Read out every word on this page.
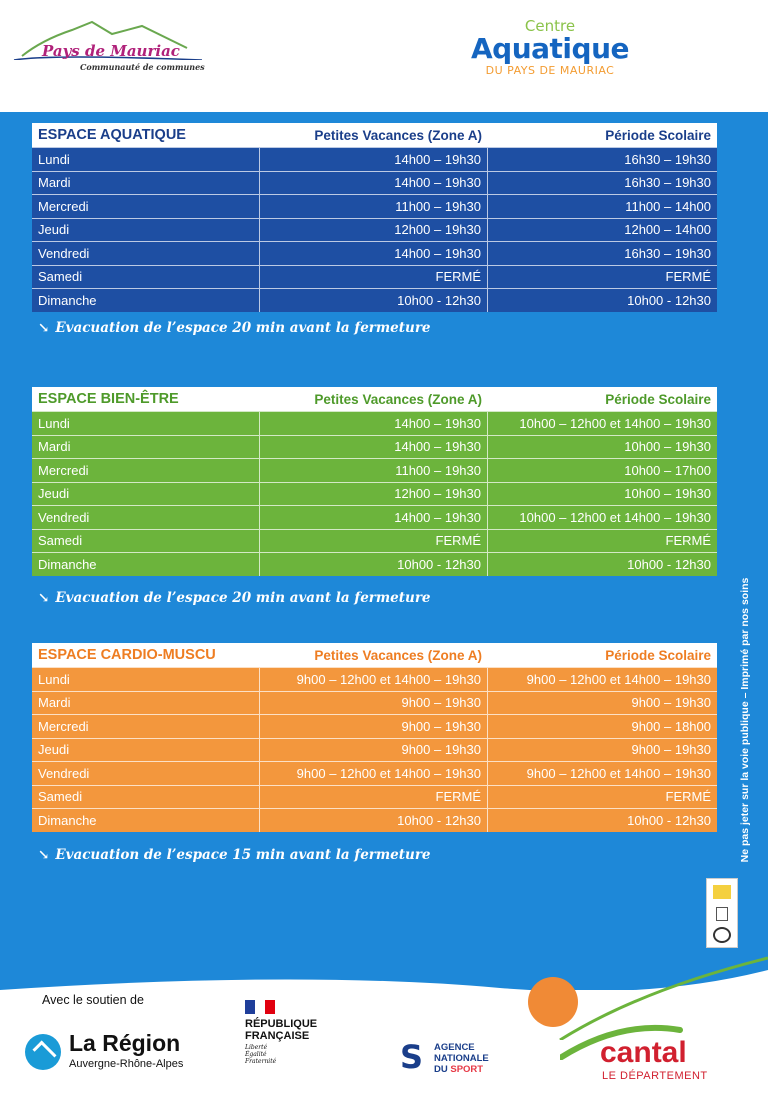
Pays de Mauriac
Communauté de communes
Centre
Aquatique
DU PAYS DE MAURIAC
ESPACE AQUATIQUE	Petites Vacances (Zone A)	Période Scolaire
Lundi	14h00 – 19h30	16h30 – 19h30
Mardi	14h00 – 19h30	16h30 – 19h30
Mercredi	11h00 – 19h30	11h00 – 14h00
Jeudi	12h00 – 19h30	12h00 – 14h00
Vendredi	14h00 – 19h30	16h30 – 19h30
Samedi	FERMÉ	FERMÉ
Dimanche	10h00 - 12h30	10h00 - 12h30
↘ Evacuation de l’espace 20 min avant la fermeture
ESPACE BIEN-ÊTRE	Petites Vacances (Zone A)	Période Scolaire
Lundi	14h00 – 19h30	10h00 – 12h00 et 14h00 – 19h30
Mardi	14h00 – 19h30	10h00 – 19h30
Mercredi	11h00 – 19h30	10h00 – 17h00
Jeudi	12h00 – 19h30	10h00 – 19h30
Vendredi	14h00 – 19h30	10h00 – 12h00 et 14h00 – 19h30
Samedi	FERMÉ	FERMÉ
Dimanche	10h00 - 12h30	10h00 - 12h30
↘ Evacuation de l’espace 20 min avant la fermeture
ESPACE CARDIO-MUSCU	Petites Vacances (Zone A)	Période Scolaire
Lundi	9h00 – 12h00 et 14h00 – 19h30	9h00 – 12h00 et 14h00 – 19h30
Mardi	9h00 – 19h30	9h00 – 19h30
Mercredi	9h00 – 19h30	9h00 – 18h00
Jeudi	9h00 – 19h30	9h00 – 19h30
Vendredi	9h00 – 12h00 et 14h00 – 19h30	9h00 – 12h00 et 14h00 – 19h30
Samedi	FERMÉ	FERMÉ
Dimanche	10h00 - 12h30	10h00 - 12h30
↘ Evacuation de l’espace 15 min avant la fermeture	Ne pas jeter sur la voie publique – Imprimé par nos soins
Avec le soutien de
La Région
Auvergne-Rhône-Alpes
RÉPUBLIQUE
FRANÇAISE
Liberté
Égalité
Fraternité	S	AGENCE
NATIONALE
DU SPORT
cantal
LE DÉPARTEMENT
